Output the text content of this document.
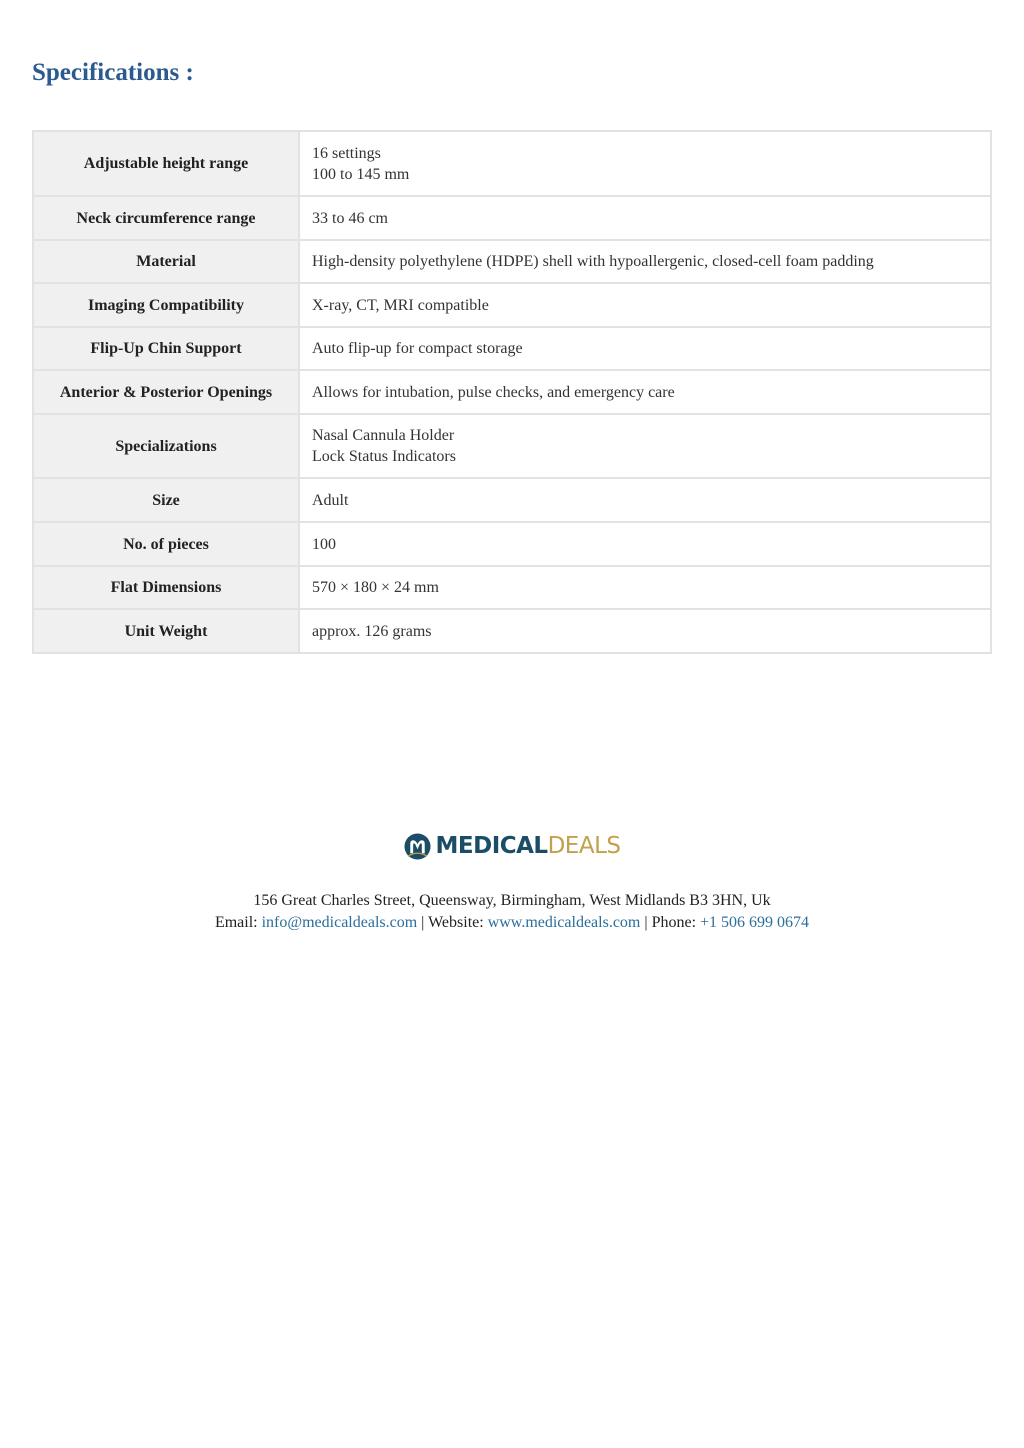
Specifications :
Adjustable height range	16 settings
100 to 145 mm

Neck circumference range	33 to 46 cm

Material	High-density polyethylene (HDPE) shell with hypoallergenic, closed-cell foam padding

Imaging Compatibility	X-ray, CT, MRI compatible

Flip-Up Chin Support	Auto flip-up for compact storage

Anterior & Posterior Openings	Allows for intubation, pulse checks, and emergency care

Specializations	Nasal Cannula Holder
Lock Status Indicators

Size	Adult

No. of pieces	100

Flat Dimensions	570 × 180 × 24 mm

Unit Weight	approx. 126 grams
MEDICALDEALS
156 Great Charles Street, Queensway, Birmingham, West Midlands B3 3HN, Uk
Email: info@medicaldeals.com | Website: www.medicaldeals.com | Phone: +1 506 699 0674
